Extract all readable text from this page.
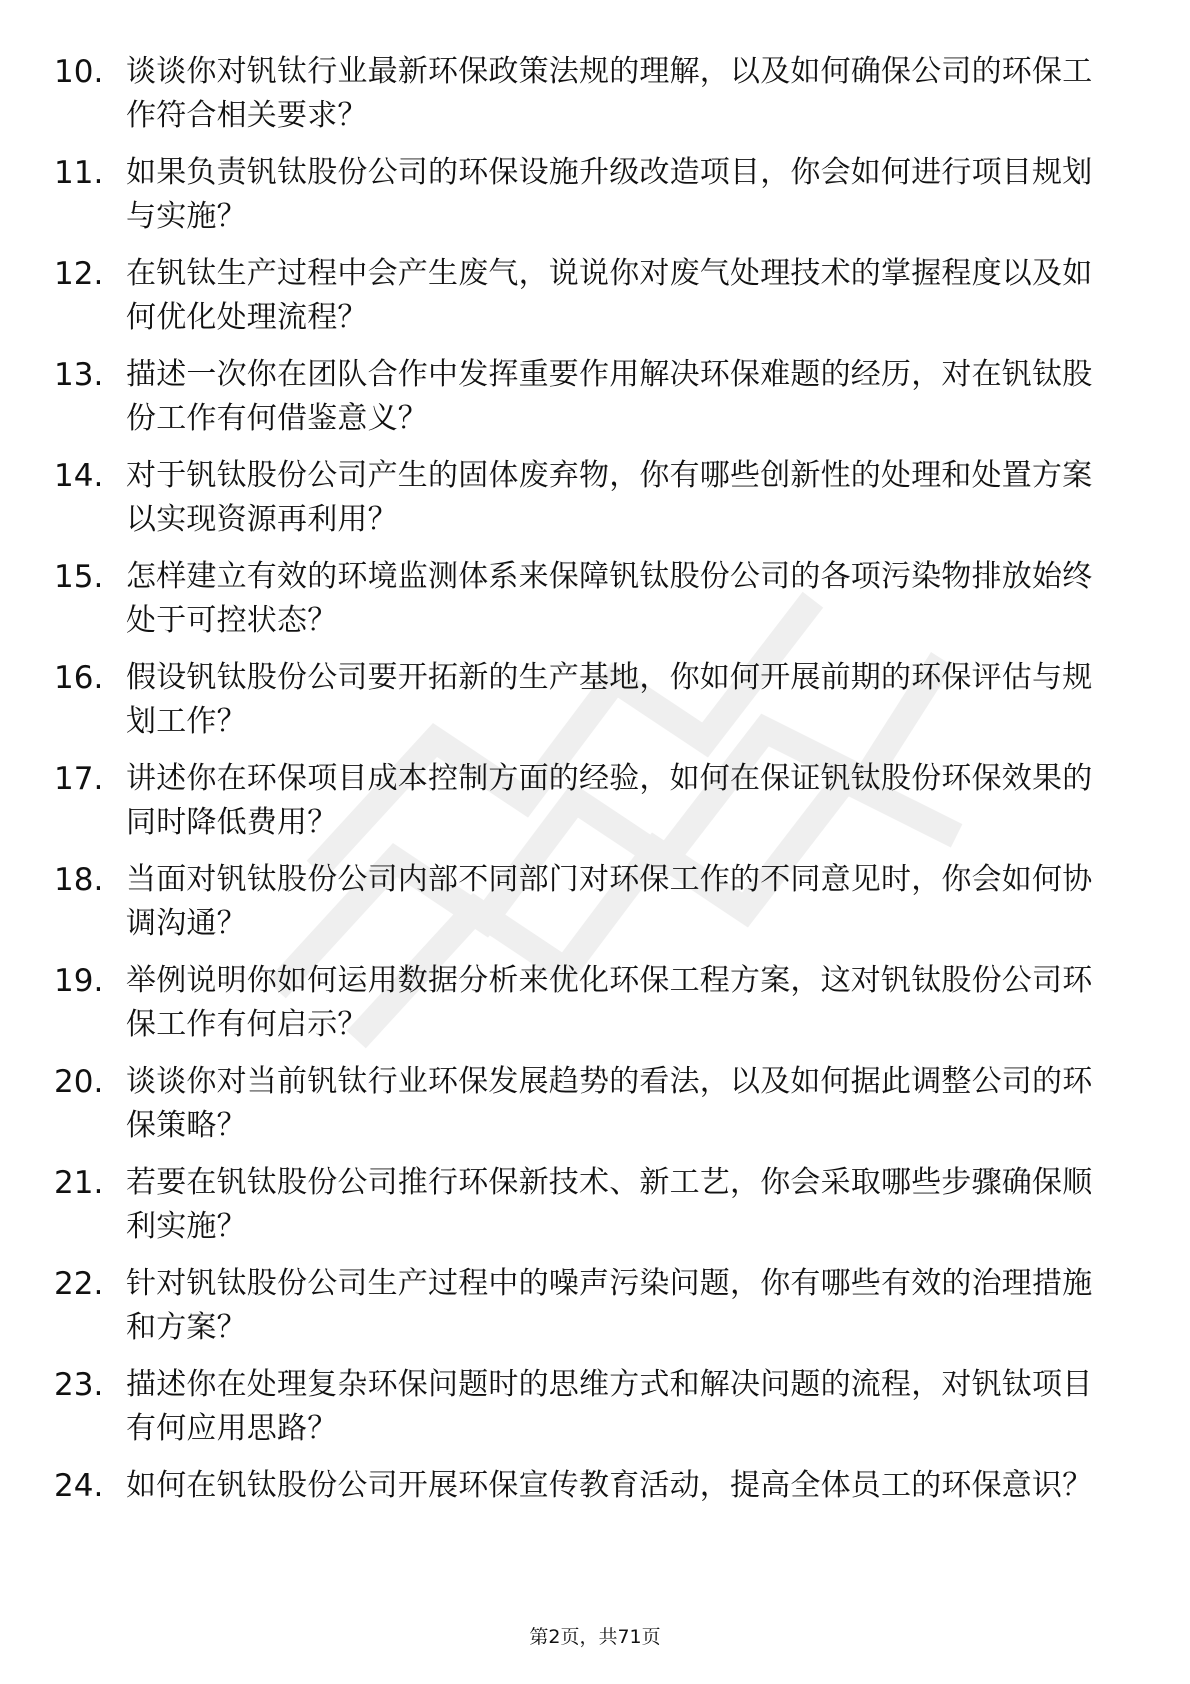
10. 谈谈你对钒钛行业最新环保政策法规的理解，以及如何确保公司的环保工作符合相关要求？
11. 如果负责钒钛股份公司的环保设施升级改造项目，你会如何进行项目规划与实施？
12. 在钒钛生产过程中会产生废气，说说你对废气处理技术的掌握程度以及如何优化处理流程？
13. 描述一次你在团队合作中发挥重要作用解决环保难题的经历，对在钒钛股份工作有何借鉴意义？
14. 对于钒钛股份公司产生的固体废弃物，你有哪些创新性的处理和处置方案以实现资源再利用？
15. 怎样建立有效的环境监测体系来保障钒钛股份公司的各项污染物排放始终处于可控状态？
16. 假设钒钛股份公司要开拓新的生产基地，你如何开展前期的环保评估与规划工作？
17. 讲述你在环保项目成本控制方面的经验，如何在保证钒钛股份环保效果的同时降低费用？
18. 当面对钒钛股份公司内部不同部门对环保工作的不同意见时，你会如何协调沟通？
19. 举例说明你如何运用数据分析来优化环保工程方案，这对钒钛股份公司环保工作有何启示？
20. 谈谈你对当前钒钛行业环保发展趋势的看法，以及如何据此调整公司的环保策略？
21. 若要在钒钛股份公司推行环保新技术、新工艺，你会采取哪些步骤确保顺利实施？
22. 针对钒钛股份公司生产过程中的噪声污染问题，你有哪些有效的治理措施和方案？
23. 描述你在处理复杂环保问题时的思维方式和解决问题的流程，对钒钛项目有何应用思路？
24. 如何在钒钛股份公司开展环保宣传教育活动，提高全体员工的环保意识？
第2页，共71页
